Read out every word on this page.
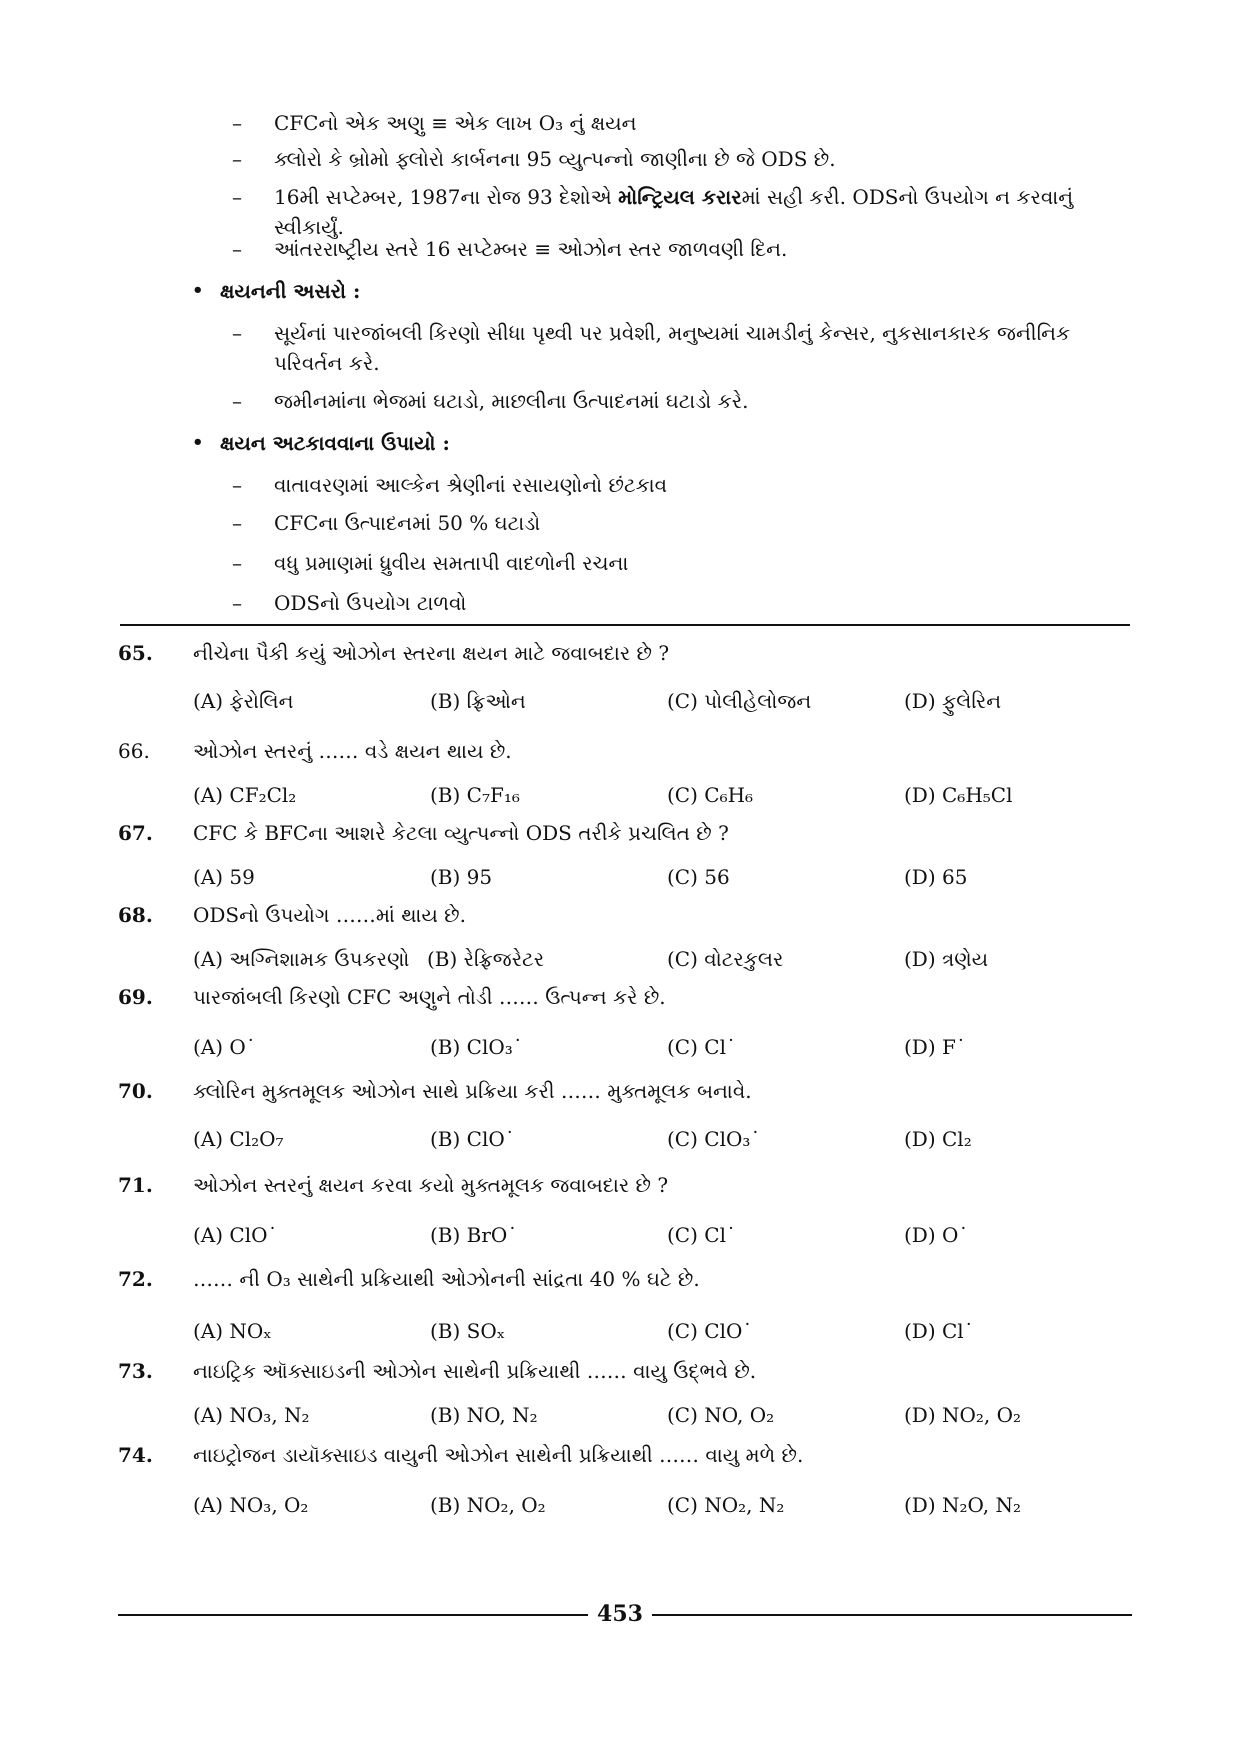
– CFCનો એક અણુ ≡ એક લાખ O₃ નું ક્ષયન
– ક્લોરો કે બ્રોમો ફ્લોરો કાર્બનના 95 વ્યુત્પન્નો જાણીના છે જે ODS છે.
– 16મી સપ્ટેમ્બર, 1987ના રોજ 93 દેશોએ મોન્ટ્રિયલ કરારમાં સહી કરી. ODSનો ઉપયોગ ન કરવાનું
સ્વીકાર્યું.
– આંતરરાષ્ટ્રીય સ્તરે 16 સપ્ટેમ્બર ≡ ઓઝોન સ્તર જાળવણી દિન.
• ક્ષયનની અસરો :
– સૂર્યનાં પારજાંબલી કિરણો સીધા પૃથ્વી પર પ્રવેશી, મનુષ્યમાં ચામડીનું કેન્સર, નુકસાનકારક જનીનિક
પરિવર્તન કરે.
– જમીનમાંના ભેજમાં ઘટાડો, માછલીના ઉત્પાદનમાં ઘટાડો કરે.
• ક્ષયન અટકાવવાના ઉપાયો :
– વાતાવરણમાં આલ્કેન શ્રેણીનાં રસાયણોનો છંટકાવ
– CFCના ઉત્પાદનમાં 50 % ઘટાડો
– વધુ પ્રમાણમાં ધ્રુવીય સમતાપી વાદળોની રચના
– ODSનો ઉપયોગ ટાળવો
65. નીચેના પૈકી કયું ઓઝોન સ્તરના ક્ષયન માટે જવાબદાર છે ?
(A) ફેરોલિન	(B) ફ્રિઓન	(C) પોલીહેલોજન	(D) ફુલેરિન
66. ઓઝોન સ્તરનું …… વડે ક્ષયન થાય છે.
(A) CF₂Cl₂	(B) C₇F₁₆	(C) C₆H₆	(D) C₆H₅Cl
67. CFC કે BFCના આશરે કેટલા વ્યુત્પન્નો ODS તરીકે પ્રચલિત છે ?
(A) 59	(B) 95	(C) 56	(D) 65
68. ODSનો ઉપયોગ ……માં થાય છે.
(A) અગ્નિશામક ઉપકરણો (B) રેફ્રિજરેટર	(C) વોટરકુલર	(D) ત્રણેય
69. પારજાંબલી કિરણો CFC અણુને તોડી …… ઉત્પન્ન કરે છે.
(A) O˙	(B) ClO₃˙	(C) Cl˙	(D) F˙
70. ક્લોરિન મુક્તમૂલક ઓઝોન સાથે પ્રક્રિયા કરી …… મુક્તમૂલક બનાવે.
(A) Cl₂O₇	(B) ClO˙	(C) ClO₃˙	(D) Cl₂
71. ઓઝોન સ્તરનું ક્ષયન કરવા કયો મુક્તમૂલક જવાબદાર છે ?
(A) ClO˙	(B) BrO˙	(C) Cl˙	(D) O˙
72. …… ની O₃ સાથેની પ્રક્રિયાથી ઓઝોનની સાંદ્રતા 40 % ઘટે છે.
(A) NOₓ	(B) SOₓ	(C) ClO˙	(D) Cl˙
73. નાઇટ્રિક ઑક્સાઇડની ઓઝોન સાથેની પ્રક્રિયાથી …… વાયુ ઉદ્ભવે છે.
(A) NO₃, N₂	(B) NO, N₂	(C) NO, O₂	(D) NO₂, O₂
74. નાઇટ્રોજન ડાયૉક્સાઇડ વાયુની ઓઝોન સાથેની પ્રક્રિયાથી …… વાયુ મળે છે.
(A) NO₃, O₂	(B) NO₂, O₂	(C) NO₂, N₂	(D) N₂O, N₂
453
